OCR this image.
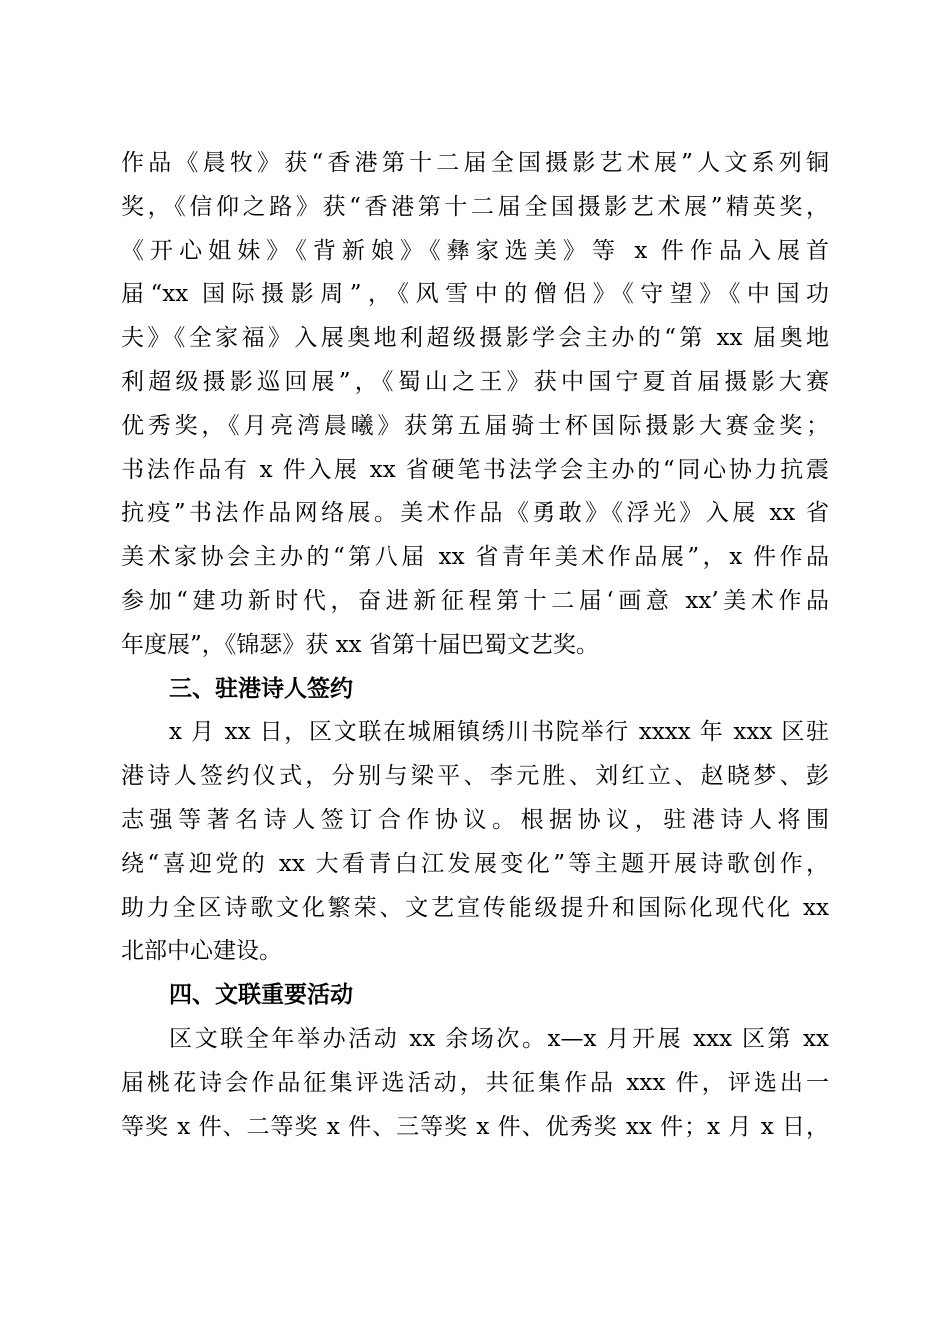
作品《晨牧》获“香港第十二届全国摄影艺术展”人文系列铜
奖，《信仰之路》获“香港第十二届全国摄影艺术展”精英奖，
《开心姐妹》《背新娘》《彝家选美》等 x 件作品入展首
届“xx 国际摄影周”，《风雪中的僧侣》《守望》《中国功
夫》《全家福》入展奥地利超级摄影学会主办的“第 xx 届奥地
利超级摄影巡回展”，《蜀山之王》获中国宁夏首届摄影大赛
优秀奖，《月亮湾晨曦》获第五届骑士杯国际摄影大赛金奖；
书法作品有 x 件入展 xx 省硬笔书法学会主办的“同心协力抗震
抗疫”书法作品网络展。美术作品《勇敢》《浮光》入展 xx 省
美术家协会主办的“第八届 xx 省青年美术作品展”，x 件作品
参加“建功新时代，奋进新征程第十二届‘画意 xx’美术作品
年度展”，《锦瑟》获 xx 省第十届巴蜀文艺奖。
三、驻港诗人签约
x 月 xx 日，区文联在城厢镇绣川书院举行 xxxx 年 xxx 区驻
港诗人签约仪式，分别与梁平、李元胜、刘红立、赵晓梦、彭
志强等著名诗人签订合作协议。根据协议，驻港诗人将围
绕“喜迎党的 xx 大看青白江发展变化”等主题开展诗歌创作，
助力全区诗歌文化繁荣、文艺宣传能级提升和国际化现代化 xx
北部中心建设。
四、文联重要活动
区文联全年举办活动 xx 余场次。x—x 月开展 xxx 区第 xx
届桃花诗会作品征集评选活动，共征集作品 xxx 件，评选出一
等奖 x 件、二等奖 x 件、三等奖 x 件、优秀奖 xx 件；x 月 x 日，
